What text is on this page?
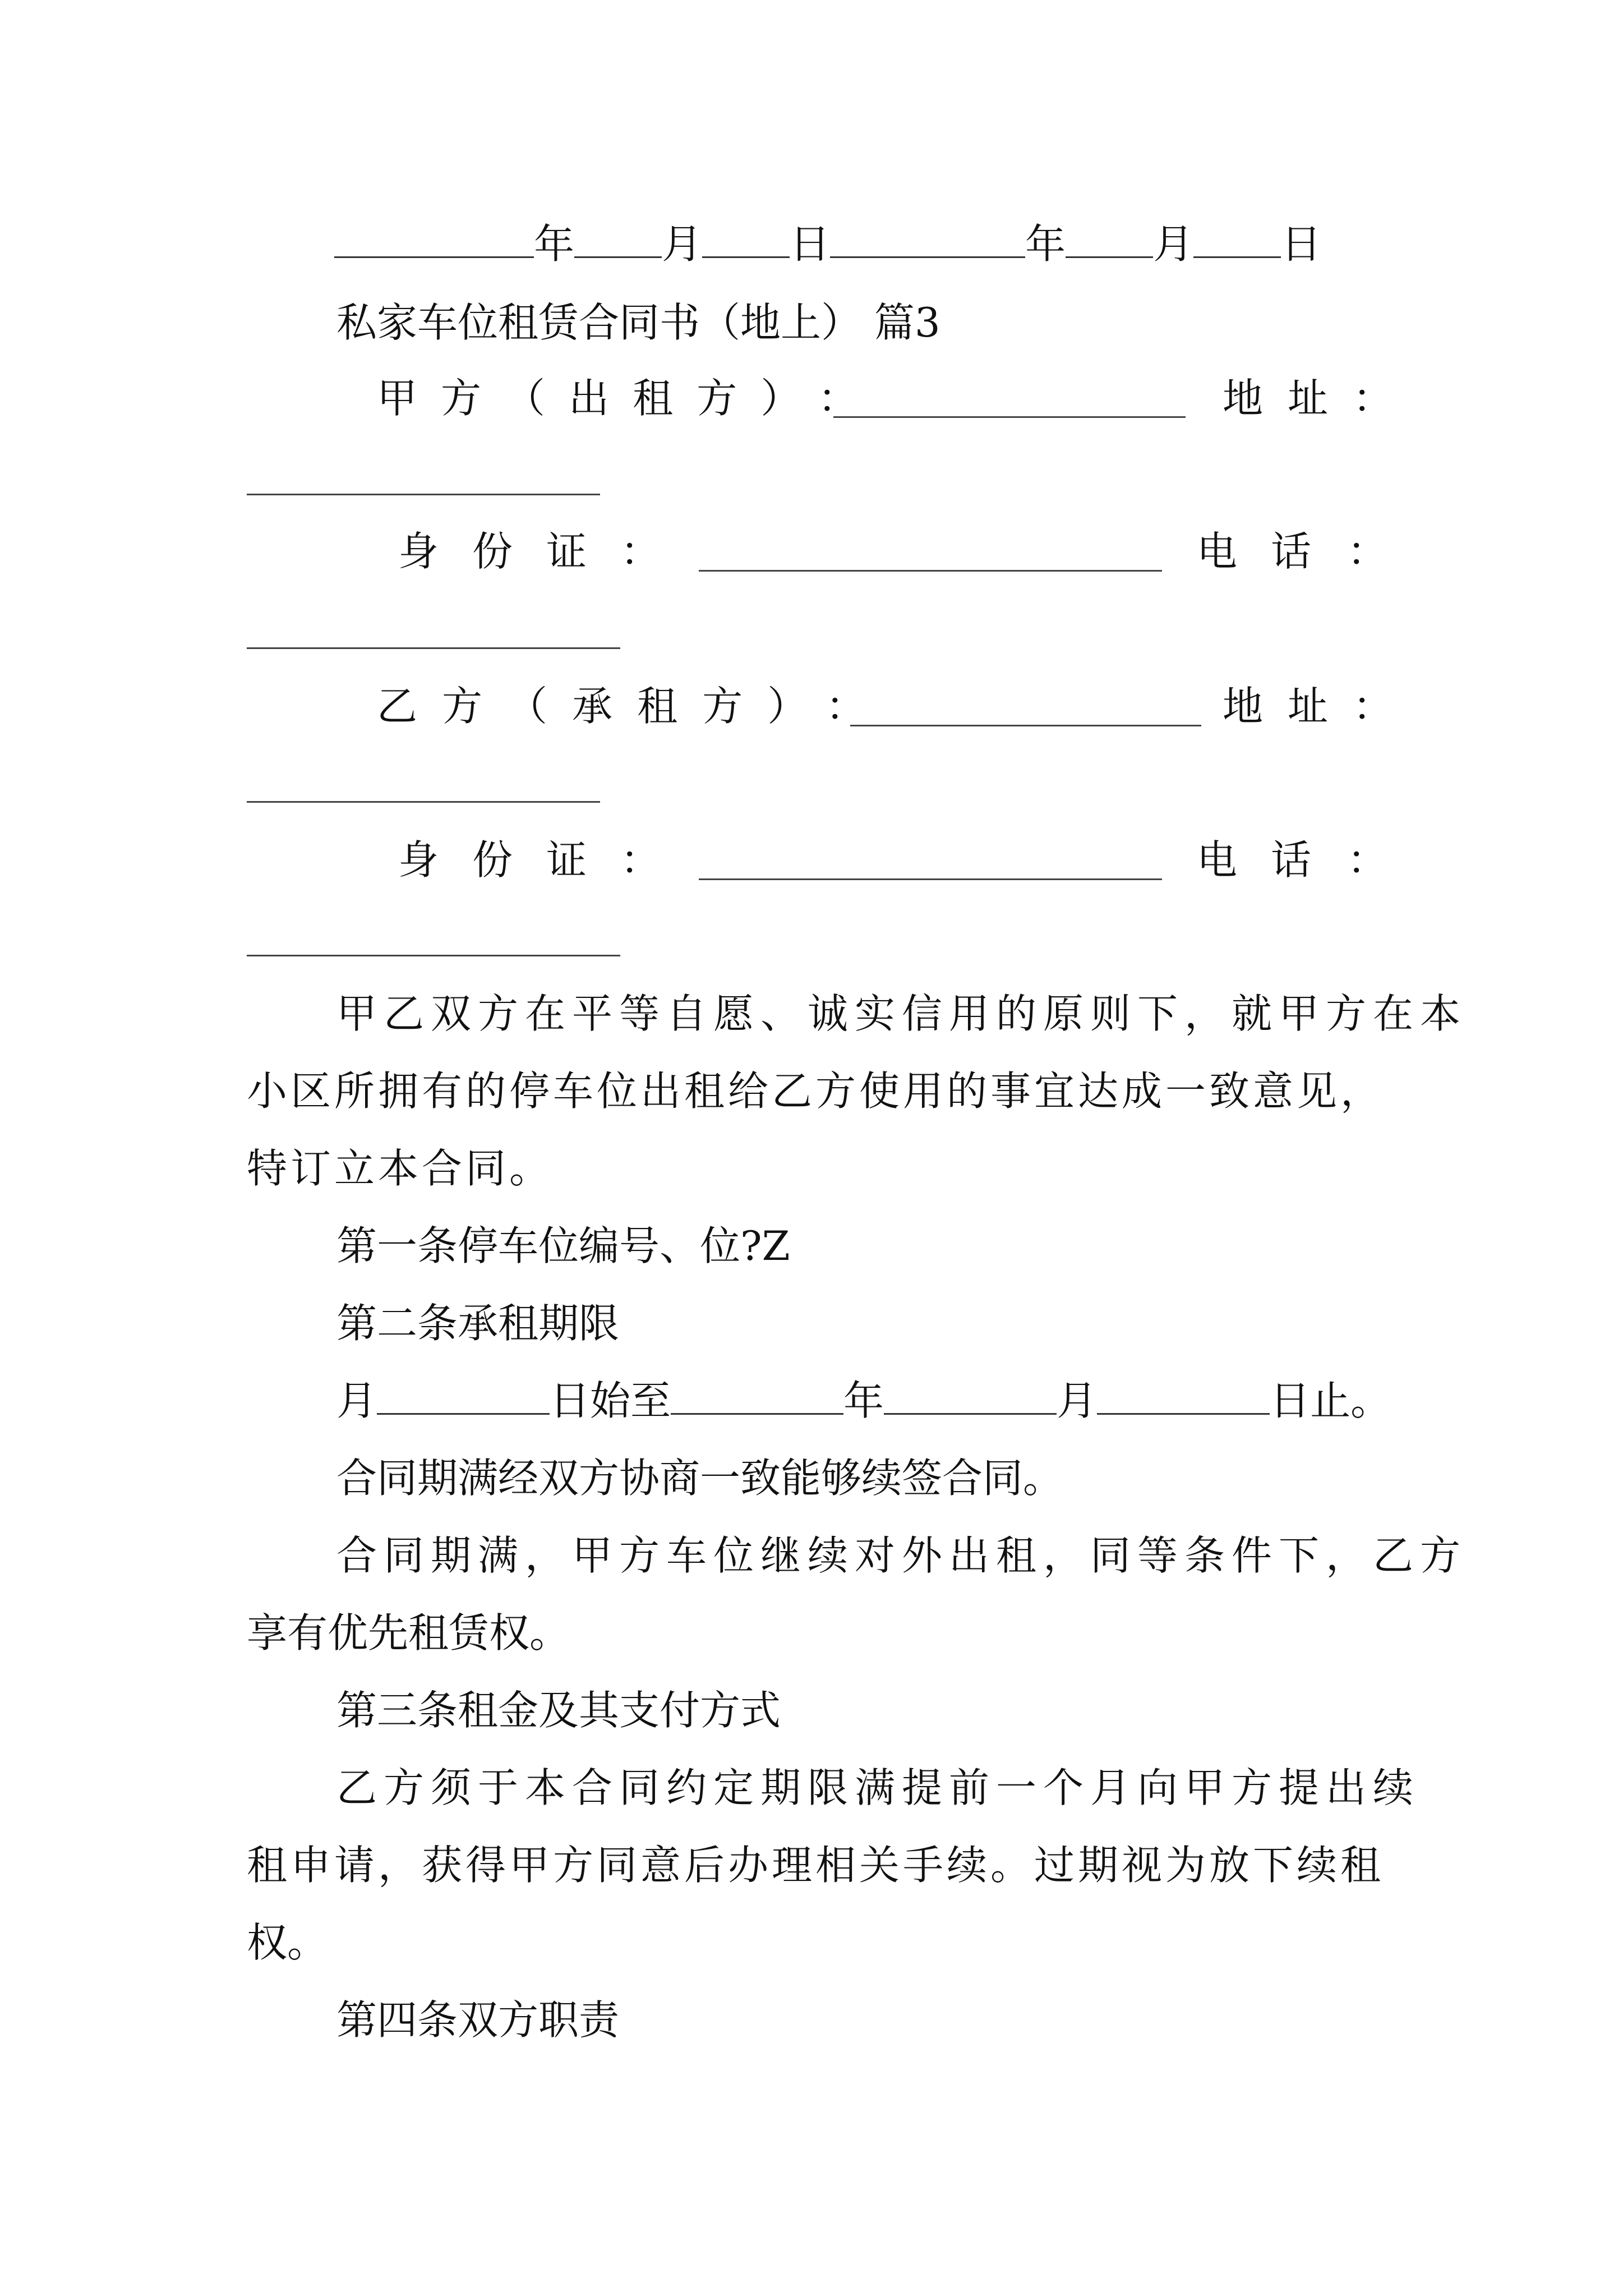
年 月 日	年 月 日
私家车位租赁合同书（地上） 篇3
甲 方 （ 出 租 方 ） ：	地 址 ：
身 份 证 ：	电 话 ：
乙 方 （ 承 租 方 ） ：	地 址 ：
身 份 证 ：	电 话 ：
甲乙双方在平等自愿、诚实信用的原则下，就甲方在本
小区所拥有的停车位出租给乙方使用的事宜达成一致意见，
特订立本合同。
第一条停车位编号、位?Z
第二条承租期限
月	日始至	年	月	日止。
合同期满经双方协商一致能够续签合同。
合同期满，甲方车位继续对外出租，同等条件下，乙方
享有优先租赁权。
第三条租金及其支付方式
乙方须于本合同约定期限满提前一个月向甲方提出续
租申请，获得甲方同意后办理相关手续。过期视为放下续租
权。
第四条双方职责
